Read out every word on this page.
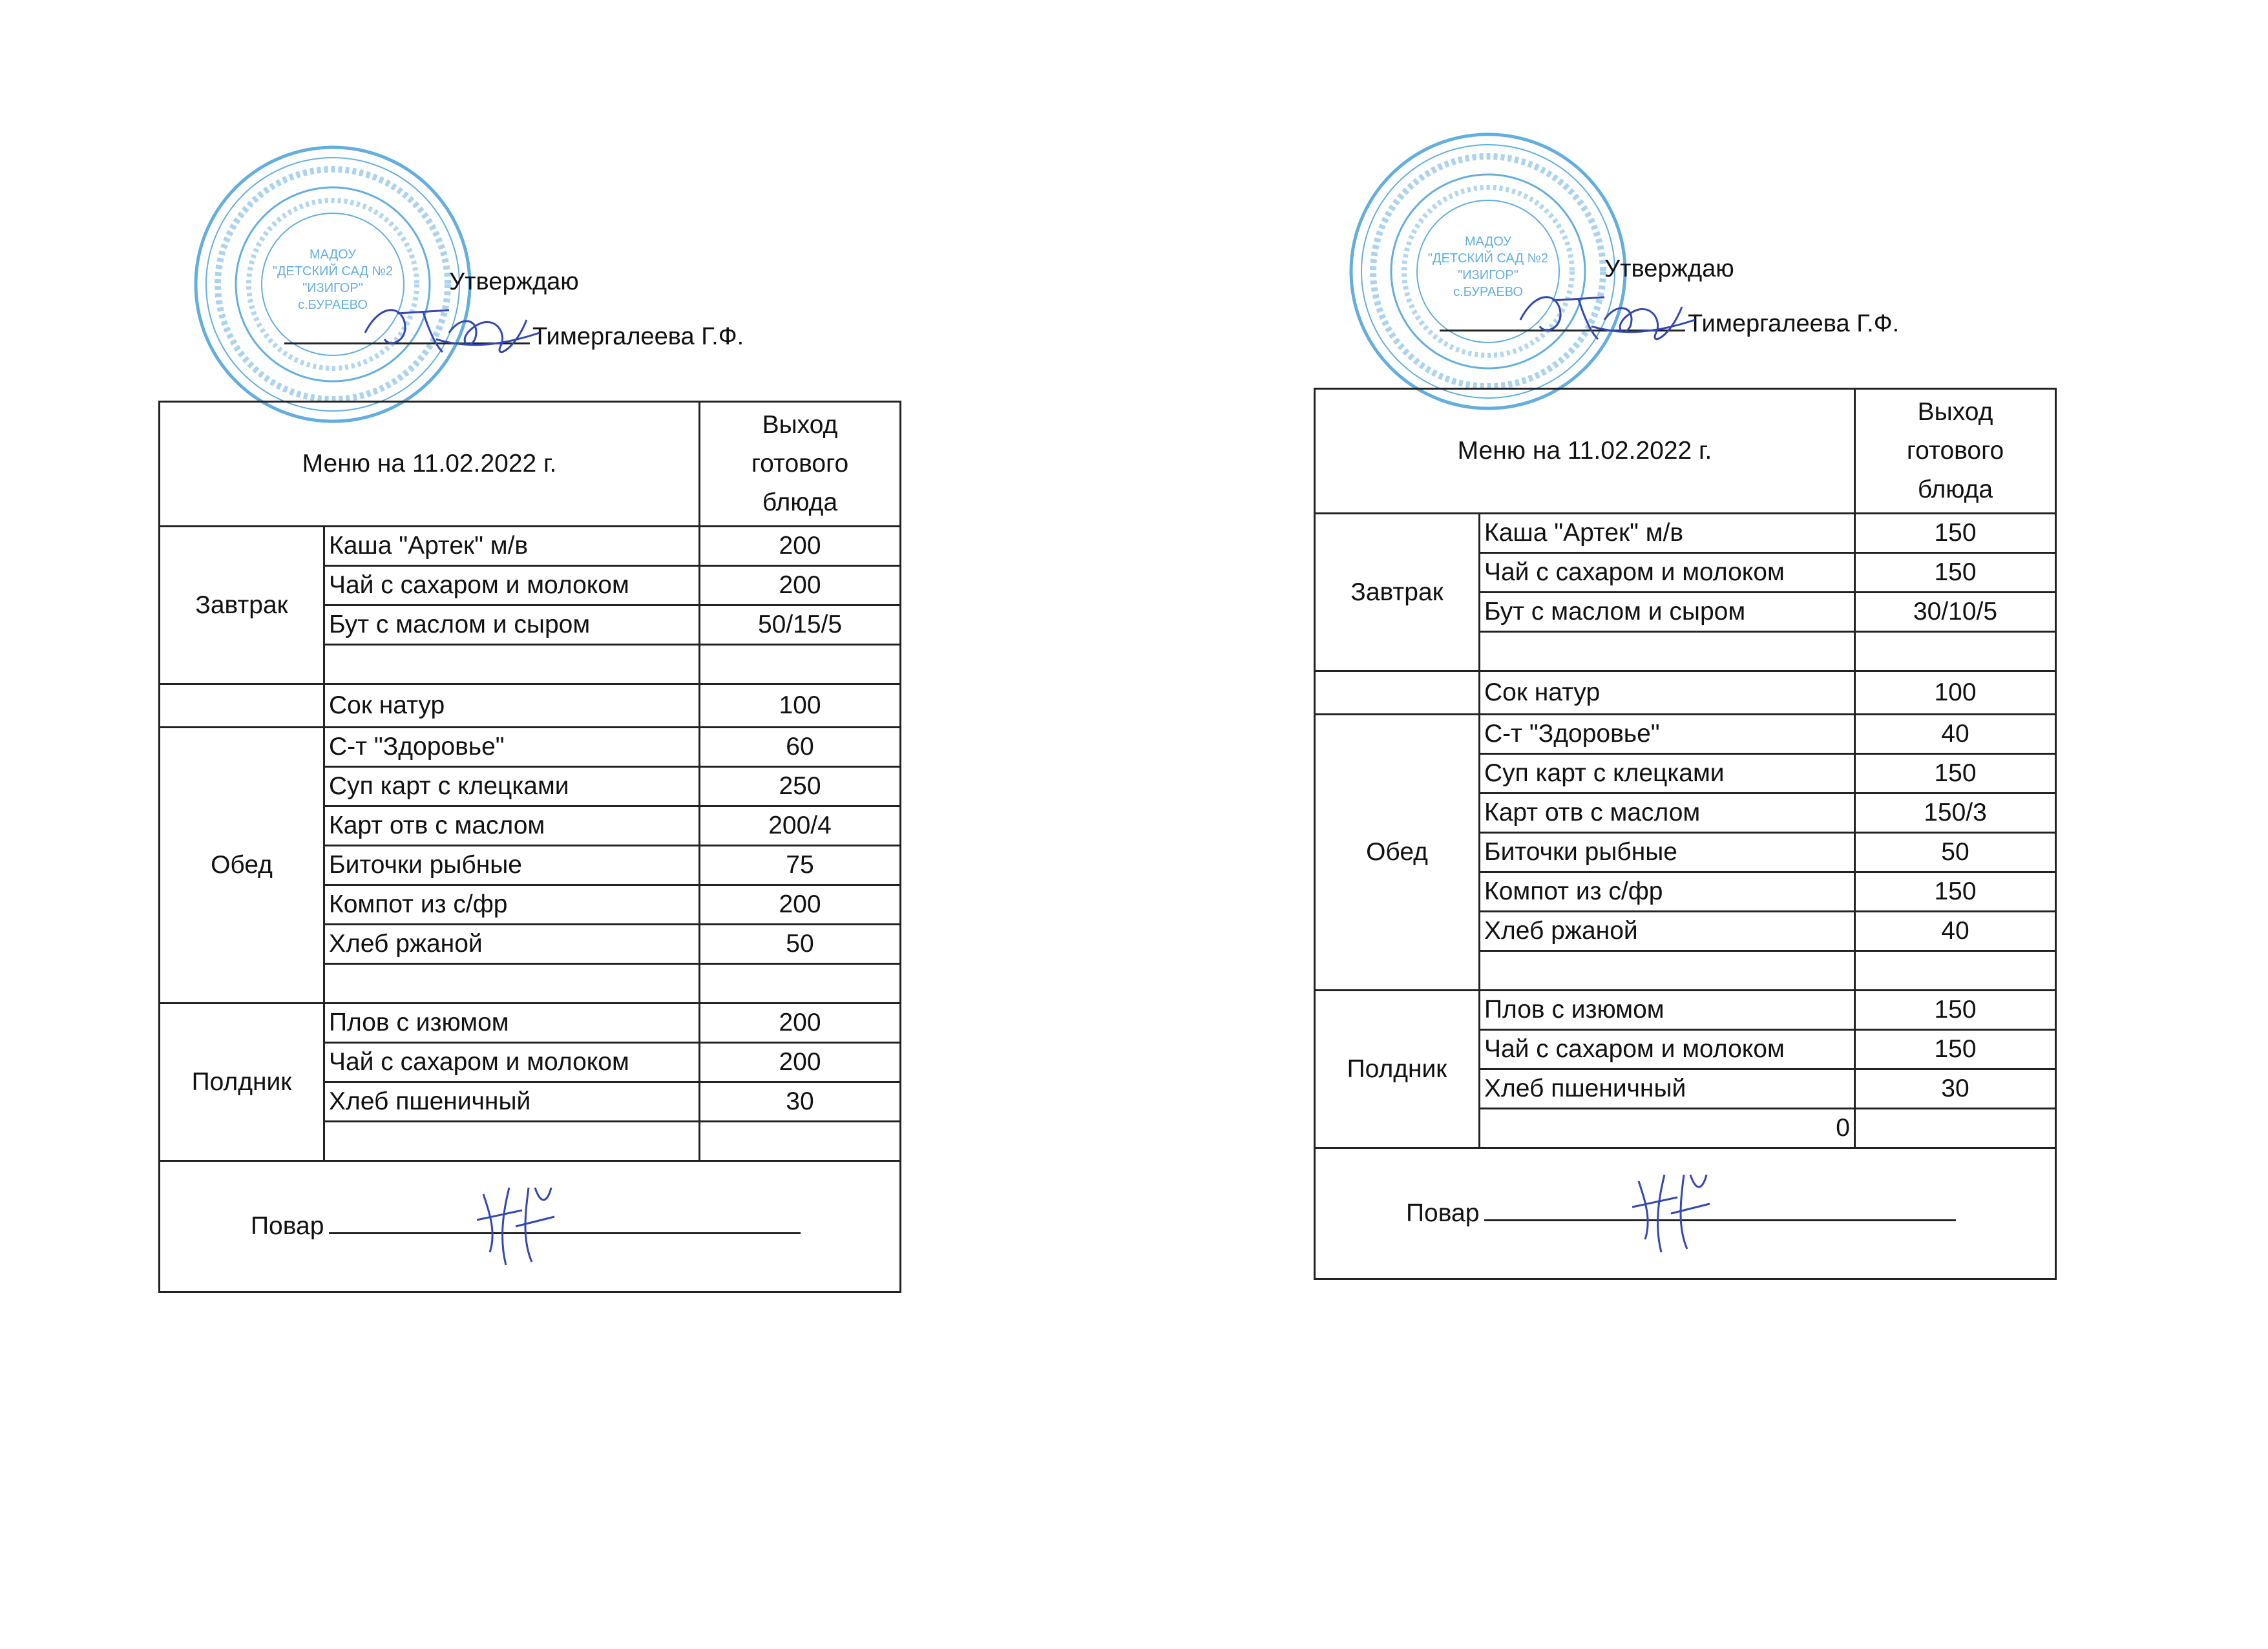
МАДОУ
"ДЕТСКИЙ САД №2
"ИЗИГОР"
с.БУРАЕВО
Утверждаю
Тимергалеева Г.Ф.
Меню на 11.02.2022 г.		Выход
готового
блюда

Завтрак	Каша "Артек" м/в	200
	Чай с сахаром и молоком	200
	Бут с маслом и сыром	50/15/5

	Сок натур	100
Обед	С-т "Здоровье"	60
	Суп карт с клецками	250
	Карт отв с маслом	200/4
	Биточки рыбные	75
	Компот из с/фр	200
	Хлеб ржаной	50

Полдник	Плов с изюмом	200
	Чай с сахаром и молоком	200
	Хлеб пшеничный	30

Повар		
МАДОУ
"ДЕТСКИЙ САД №2
"ИЗИГОР"
с.БУРАЕВО
Утверждаю
Тимергалеева Г.Ф.
Меню на 11.02.2022 г.		Выход
готового
блюда

Завтрак	Каша "Артек" м/в	150
	Чай с сахаром и молоком	150
	Бут с маслом и сыром	30/10/5

	Сок натур	100
Обед	С-т "Здоровье"	40
	Суп карт с клецками	150
	Карт отв с маслом	150/3
	Биточки рыбные	50
	Компот из с/фр	150
	Хлеб ржаной	40

Полдник	Плов с изюмом	150
	Чай с сахаром и молоком	150
	Хлеб пшеничный	30
	0	
Повар		
